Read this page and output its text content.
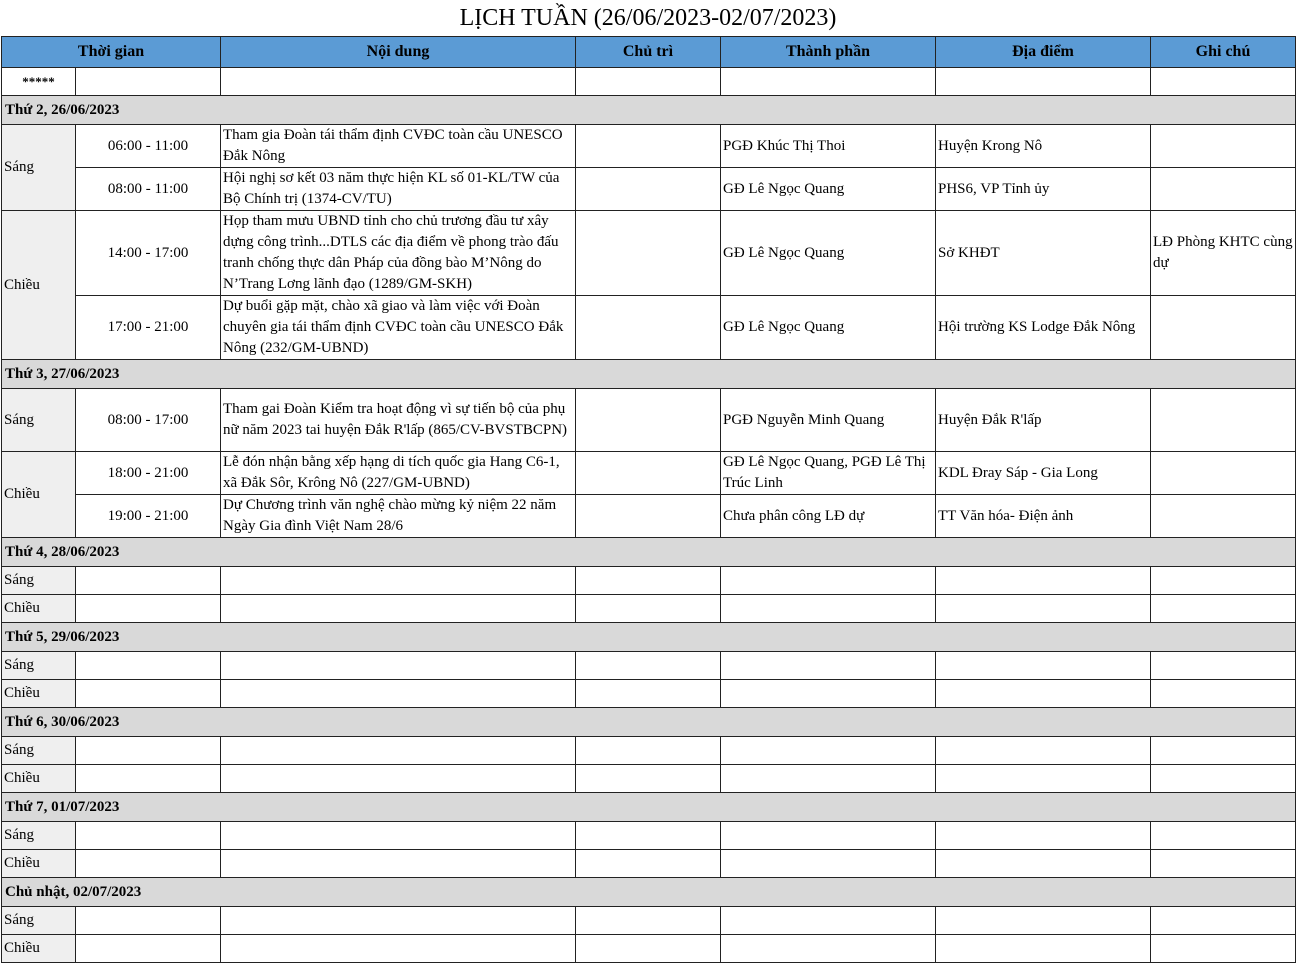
LỊCH TUẦN (26/06/2023-02/07/2023)
Thời gian		Nội dung	Chủ trì	Thành phần	Địa điểm	Ghi chú
*****						
Thứ 2, 26/06/2023						
Sáng	06:00 - 11:00	Tham gia Đoàn tái thẩm định CVĐC toàn cầu UNESCO Đắk Nông		PGĐ Khúc Thị Thoi	Huyện Krong Nô	
	08:00 - 11:00	Hội nghị sơ kết 03 năm thực hiện KL số 01-KL/TW của Bộ Chính trị (1374-CV/TU)		GĐ Lê Ngọc Quang	PHS6, VP Tỉnh ủy	
Chiều	14:00 - 17:00	Họp tham mưu UBND tỉnh cho chủ trương đầu tư xây dựng công trình...DTLS các địa điểm về phong trào đấu tranh chống thực dân Pháp của đồng bào M’Nông do N’Trang Lơng lãnh đạo (1289/GM-SKH)		GĐ Lê Ngọc Quang	Sở KHĐT	LĐ Phòng KHTC cùng dự
	17:00 - 21:00	Dự buổi gặp mặt, chào xã giao và làm việc với Đoàn chuyên gia tái thẩm định CVĐC toàn cầu UNESCO Đắk Nông (232/GM-UBND)		GĐ Lê Ngọc Quang	Hội trường KS Lodge Đắk Nông	
Thứ 3, 27/06/2023						
Sáng	08:00 - 17:00	Tham gai Đoàn Kiểm tra hoạt động vì sự tiến bộ của phụ nữ năm 2023 tai huyện Đắk R'lấp (865/CV-BVSTBCPN)		PGĐ Nguyễn Minh Quang	Huyện Đắk R'lấp	
Chiều	18:00 - 21:00	Lễ đón nhận bằng xếp hạng di tích quốc gia Hang C6-1, xã Đắk Sôr, Krông Nô (227/GM-UBND)		GĐ Lê Ngọc Quang, PGĐ Lê Thị Trúc Linh	KDL Đray Sáp - Gia Long	
	19:00 - 21:00	Dự Chương trình văn nghệ chào mừng kỷ niệm 22 năm Ngày Gia đình Việt Nam 28/6		Chưa phân công LĐ dự	TT Văn hóa- Điện ảnh	
Thứ 4, 28/06/2023						
Sáng						
Chiều						
Thứ 5, 29/06/2023						
Sáng						
Chiều						
Thứ 6, 30/06/2023						
Sáng						
Chiều						
Thứ 7, 01/07/2023						
Sáng						
Chiều						
Chủ nhật, 02/07/2023						
Sáng						
Chiều						
